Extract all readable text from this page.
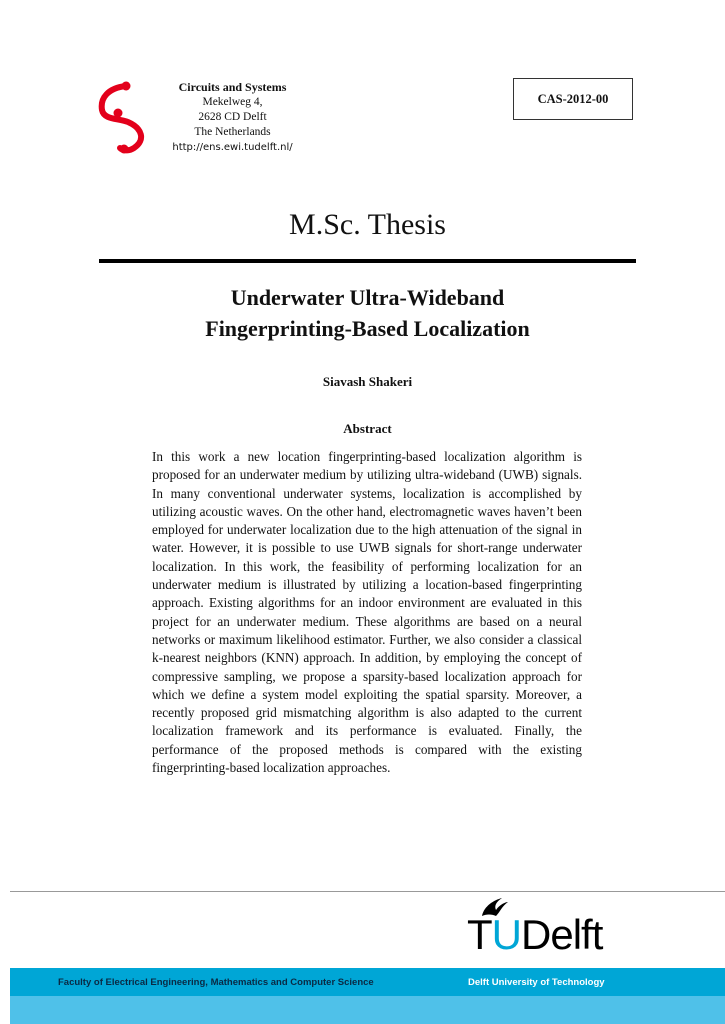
Circuits and Systems
Mekelweg 4,
2628 CD Delft
The Netherlands
http://ens.ewi.tudelft.nl/
CAS-2012-00
M.Sc. Thesis
Underwater Ultra-Wideband
Fingerprinting-Based Localization
Siavash Shakeri
Abstract

In this work a new location fingerprinting-based localization algorithm is proposed for an underwater medium by utilizing ultra-wideband (UWB) signals. In many conventional underwater systems, localization is accomplished by utilizing acoustic waves. On the other hand, electromagnetic waves haven’t been employed for underwater localization due to the high attenuation of the signal in water. However, it is possible to use UWB signals for short-range underwater localization. In this work, the feasibility of performing localization for an underwater medium is illustrated by utilizing a location-based fingerprinting approach. Existing algorithms for an indoor environment are evaluated in this project for an underwater medium. These algorithms are based on a neural networks or maximum likelihood estimator. Further, we also consider a classical k-nearest neighbors (KNN) approach. In addition, by employing the concept of compressive sampling, we propose a sparsity-based localization approach for which we define a system model exploiting the spatial sparsity. Moreover, a recently proposed grid mismatching algorithm is also adapted to the current localization framework and its performance is evaluated. Finally, the performance of the proposed methods is compared with the existing fingerprinting-based localization approaches.

TUDelft
Faculty of Electrical Engineering, Mathematics and Computer Science	Delft University of Technology
